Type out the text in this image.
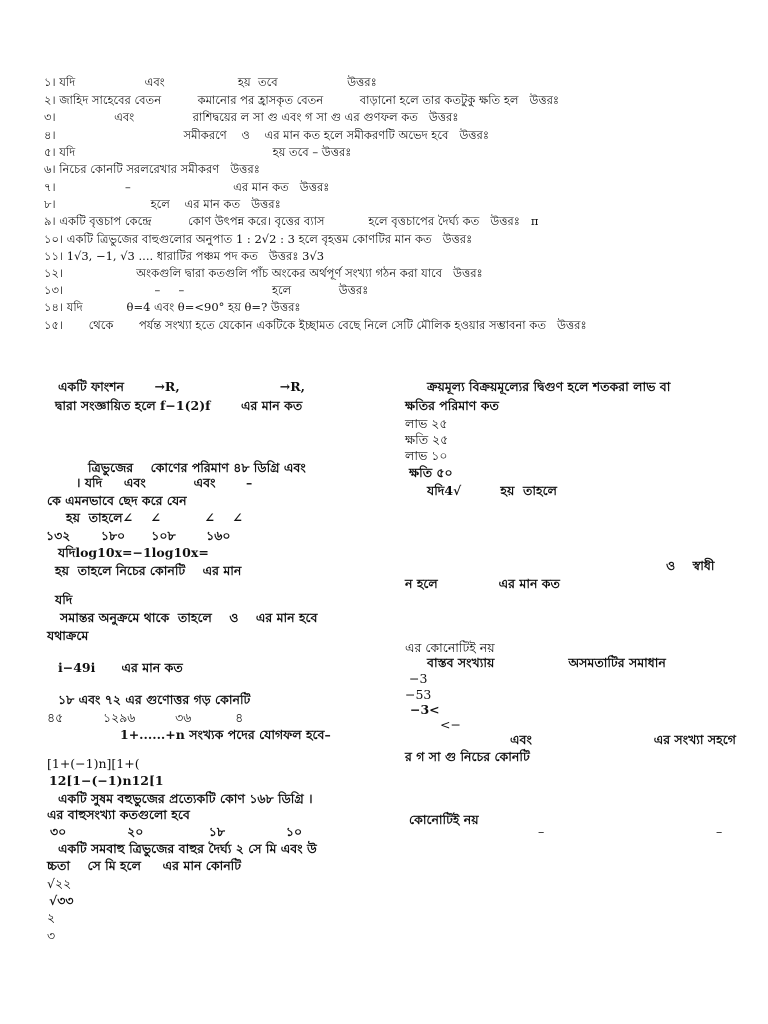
১। যদি                   এবং                    হয়  তবে                   উত্তরঃ

২। জাহিদ সাহেবের বেতন          কমানোর পর হ্রাসকৃত বেতন          বাড়ানো হলে তার কতটুকু ক্ষতি হল   উত্তরঃ

৩।                এবং                রাশিদ্বয়ের ল সা গু এবং গ সা গু এর গুণফল কত   উত্তরঃ

৪।                                   সমীকরণে    ও    এর মান কত হলে সমীকরণটি অভেদ হবে   উত্তরঃ

৫। যদি                                                      হয় তবে – উত্তরঃ

৬। নিচের কোনটি সরলরেখার সমীকরণ   উত্তরঃ

৭।                   –                            এর মান কত   উত্তরঃ

৮।                          হলে    এর মান কত   উত্তরঃ

৯। একটি বৃত্তচাপ কেন্দ্রে          কোণ উৎপন্ন করে। বৃত্তের ব্যাস            হলে বৃত্তচাপের দৈর্ঘ্য কত   উত্তরঃ   π

১০। একটি ত্রিভুজের বাহুগুলোর অনুপাত 1 : 2√2 : 3 হলে বৃহত্তম কোণটির মান কত   উত্তরঃ

১১। 1√3, −1, √3 .... ধারাটির পঞ্চম পদ কত   উত্তরঃ 3√3

১২।                    অংকগুলি দ্বারা কতগুলি পাঁচ অংকের অর্থপূর্ণ সংখ্যা গঠন করা যাবে   উত্তরঃ

১৩।                         –     –                        হলে             উত্তরঃ

১৪। যদি            θ=4 এবং θ=<90° হয় θ=? উত্তরঃ

১৫।       থেকে       পর্যন্ত সংখ্যা হতে যেকোন একটিকে ইচ্ছামত বেছে নিলে সেটি মৌলিক হওয়ার সম্ভাবনা কত   উত্তরঃ

একটি ফাংশন       →R,                       →R,

দ্বারা সংজ্ঞায়িত হলে f−1(2)f       এর মান কত

ত্রিভুজের    কোণের পরিমাণ ৪৮ ডিগ্রি এবং

। যদি     এবং           এবং       –

কে এমনভাবে ছেদ করে যেন

হয়  তাহলে∠    ∠          ∠    ∠

১৩২       ১৮০      ১০৮       ১৬০

যদিlog10x=−1log10x=

হয়  তাহলে নিচের কোনটি    এর মান

যদি

সমান্তর অনুক্রমে থাকে  তাহলে    ও    এর মান হবে

যথাক্রমে

i−49i      এর মান কত

১৮ এবং ৭২ এর গুণোত্তর গড় কোনটি

৪৫          ১২৯৬          ৩৬           ৪

1+......+n সংখ্যক পদের যোগফল হবে–

[1+(−1)n][1+(

12[1−(−1)n12[1

একটি সুষম বহুভুজের প্রত্যেকটি কোণ ১৬৮ ডিগ্রি ।

এর বাহুসংখ্যা কতগুলো হবে

৩০              ২০               ১৮              ১০

একটি সমবাহু ত্রিভুজের বাহুর দৈর্ঘ্য ২ সে মি এবং উ

চ্চতা    সে মি হলে     এর মান কোনটি

√২২

√৩৩

২

৩

ক্রয়মূল্য বিক্রয়মূল্যের দ্বিগুণ হলে শতকরা লাভ বা

ক্ষতির পরিমাণ কত

লাভ ২৫

ক্ষতি ২৫

লাভ ১০

ক্ষতি ৫০

যদি4√         হয়  তাহলে

ও    স্বাধী

ন হলে              এর মান কত

এর কোনোটিই নয়

বাস্তব সংখ্যায়                 অসমতাটির সমাধান

−3

−53

−3<

<−

এবং                            এর সংখ্যা সহগে

র গ সা গু নিচের কোনটি

কোনোটিই নয়

–	–
